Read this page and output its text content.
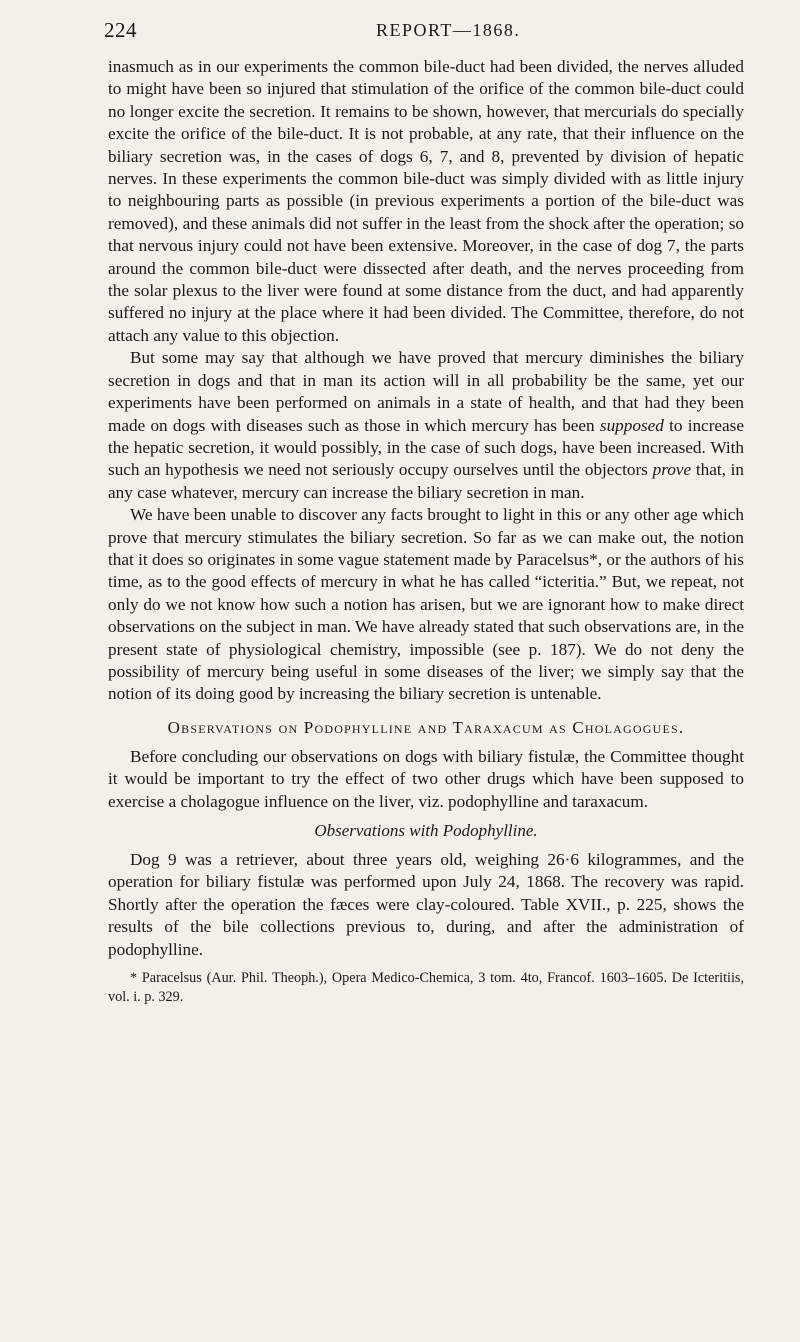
224	REPORT—1868.

inasmuch as in our experiments the common bile-duct had been divided, the nerves alluded to might have been so injured that stimulation of the orifice of the common bile-duct could no longer excite the secretion. It remains to be shown, however, that mercurials do specially excite the orifice of the bile-duct. It is not probable, at any rate, that their influence on the biliary secretion was, in the cases of dogs 6, 7, and 8, prevented by division of hepatic nerves. In these experiments the common bile-duct was simply divided with as little injury to neighbouring parts as possible (in previous experiments a portion of the bile-duct was removed), and these animals did not suffer in the least from the shock after the operation; so that nervous injury could not have been extensive. Moreover, in the case of dog 7, the parts around the common bile-duct were dissected after death, and the nerves proceeding from the solar plexus to the liver were found at some distance from the duct, and had apparently suffered no injury at the place where it had been divided. The Committee, therefore, do not attach any value to this objection.

But some may say that although we have proved that mercury diminishes the biliary secretion in dogs and that in man its action will in all probability be the same, yet our experiments have been performed on animals in a state of health, and that had they been made on dogs with diseases such as those in which mercury has been supposed to increase the hepatic secretion, it would possibly, in the case of such dogs, have been increased. With such an hypothesis we need not seriously occupy ourselves until the objectors prove that, in any case whatever, mercury can increase the biliary secretion in man.

We have been unable to discover any facts brought to light in this or any other age which prove that mercury stimulates the biliary secretion. So far as we can make out, the notion that it does so originates in some vague statement made by Paracelsus*, or the authors of his time, as to the good effects of mercury in what he has called “icteritia.” But, we repeat, not only do we not know how such a notion has arisen, but we are ignorant how to make direct observations on the subject in man. We have already stated that such observations are, in the present state of physiological chemistry, impossible (see p. 187). We do not deny the possibility of mercury being useful in some diseases of the liver; we simply say that the notion of its doing good by increasing the biliary secretion is untenable.

Observations on Podophylline and Taraxacum as Cholagogues.

Before concluding our observations on dogs with biliary fistulæ, the Committee thought it would be important to try the effect of two other drugs which have been supposed to exercise a cholagogue influence on the liver, viz. podophylline and taraxacum.

Observations with Podophylline.

Dog 9 was a retriever, about three years old, weighing 26·6 kilogrammes, and the operation for biliary fistulæ was performed upon July 24, 1868. The recovery was rapid. Shortly after the operation the fæces were clay-coloured. Table XVII., p. 225, shows the results of the bile collections previous to, during, and after the administration of podophylline.

* Paracelsus (Aur. Phil. Theoph.), Opera Medico-Chemica, 3 tom. 4to, Francof. 1603–1605. De Icteritiis, vol. i. p. 329.
